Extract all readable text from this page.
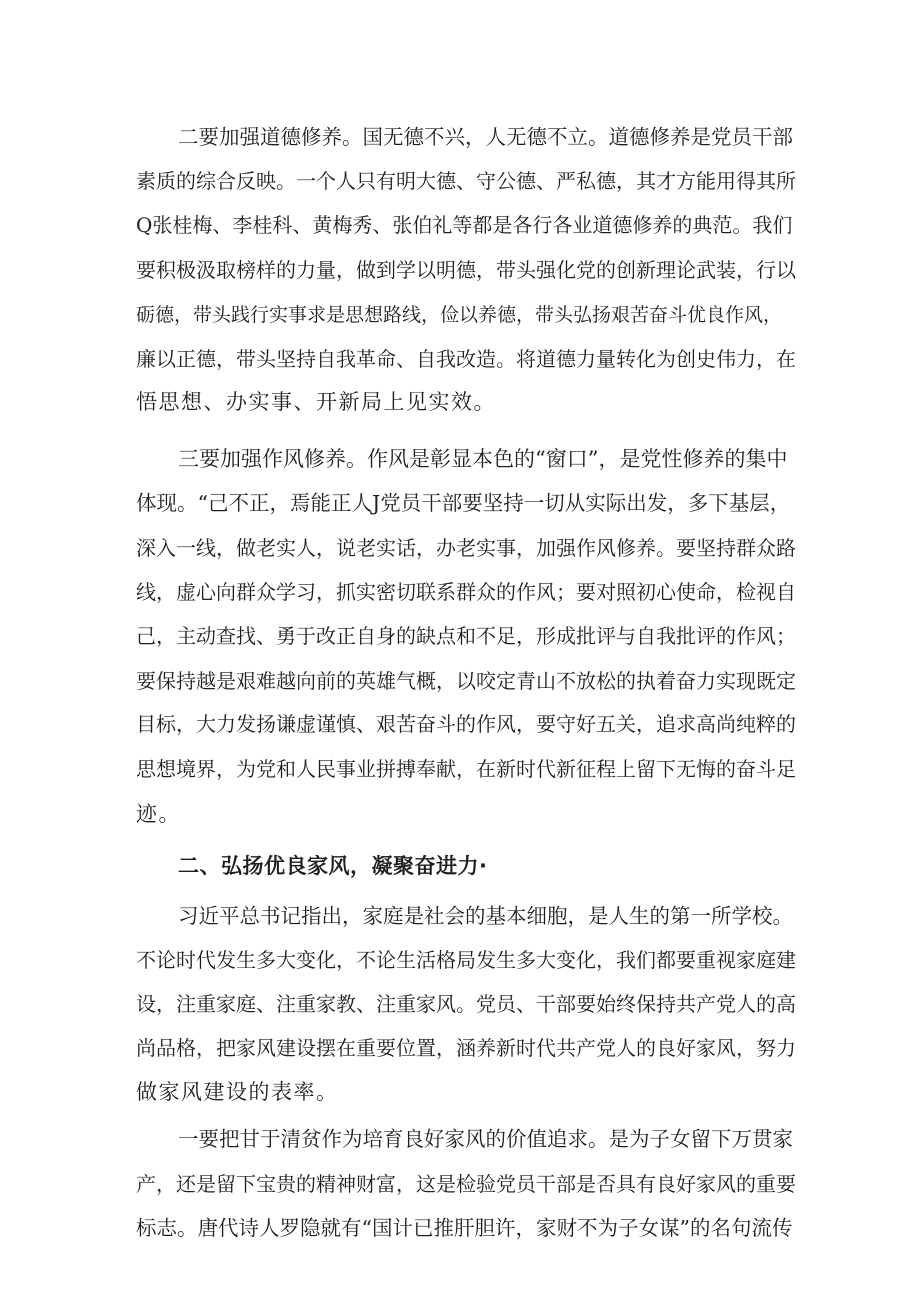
二要加强道德修养。国无德不兴，人无德不立。道德修养是党员干部
素质的综合反映。一个人只有明大德、守公德、严私德，其才方能用得其所
Q张桂梅、李桂科、黄梅秀、张伯礼等都是各行各业道德修养的典范。我们
要积极汲取榜样的力量，做到学以明德，带头强化党的创新理论武装，行以
砺德，带头践行实事求是思想路线，俭以养德，带头弘扬艰苦奋斗优良作风，
廉以正德，带头坚持自我革命、自我改造。将道德力量转化为创史伟力，在
悟思想、办实事、开新局上见实效。
三要加强作风修养。作风是彰显本色的“窗口”，是党性修养的集中
体现。“己不正，焉能正人J党员干部要坚持一切从实际出发，多下基层，
深入一线，做老实人，说老实话，办老实事，加强作风修养。要坚持群众路
线，虚心向群众学习，抓实密切联系群众的作风；要对照初心使命，检视自
己，主动查找、勇于改正自身的缺点和不足，形成批评与自我批评的作风；
要保持越是艰难越向前的英雄气概，以咬定青山不放松的执着奋力实现既定
目标，大力发扬谦虚谨慎、艰苦奋斗的作风，要守好五关，追求高尚纯粹的
思想境界，为党和人民事业拼搏奉献，在新时代新征程上留下无悔的奋斗足
迹。
二、弘扬优良家风，凝聚奋进力·
习近平总书记指出，家庭是社会的基本细胞，是人生的第一所学校。
不论时代发生多大变化，不论生活格局发生多大变化，我们都要重视家庭建
设，注重家庭、注重家教、注重家风。党员、干部要始终保持共产党人的高
尚品格，把家风建设摆在重要位置，涵养新时代共产党人的良好家风，努力
做家风建设的表率。
一要把甘于清贫作为培育良好家风的价值追求。是为子女留下万贯家
产，还是留下宝贵的精神财富，这是检验党员干部是否具有良好家风的重要
标志。唐代诗人罗隐就有“国计已推肝胆许，家财不为子女谋”的名句流传
